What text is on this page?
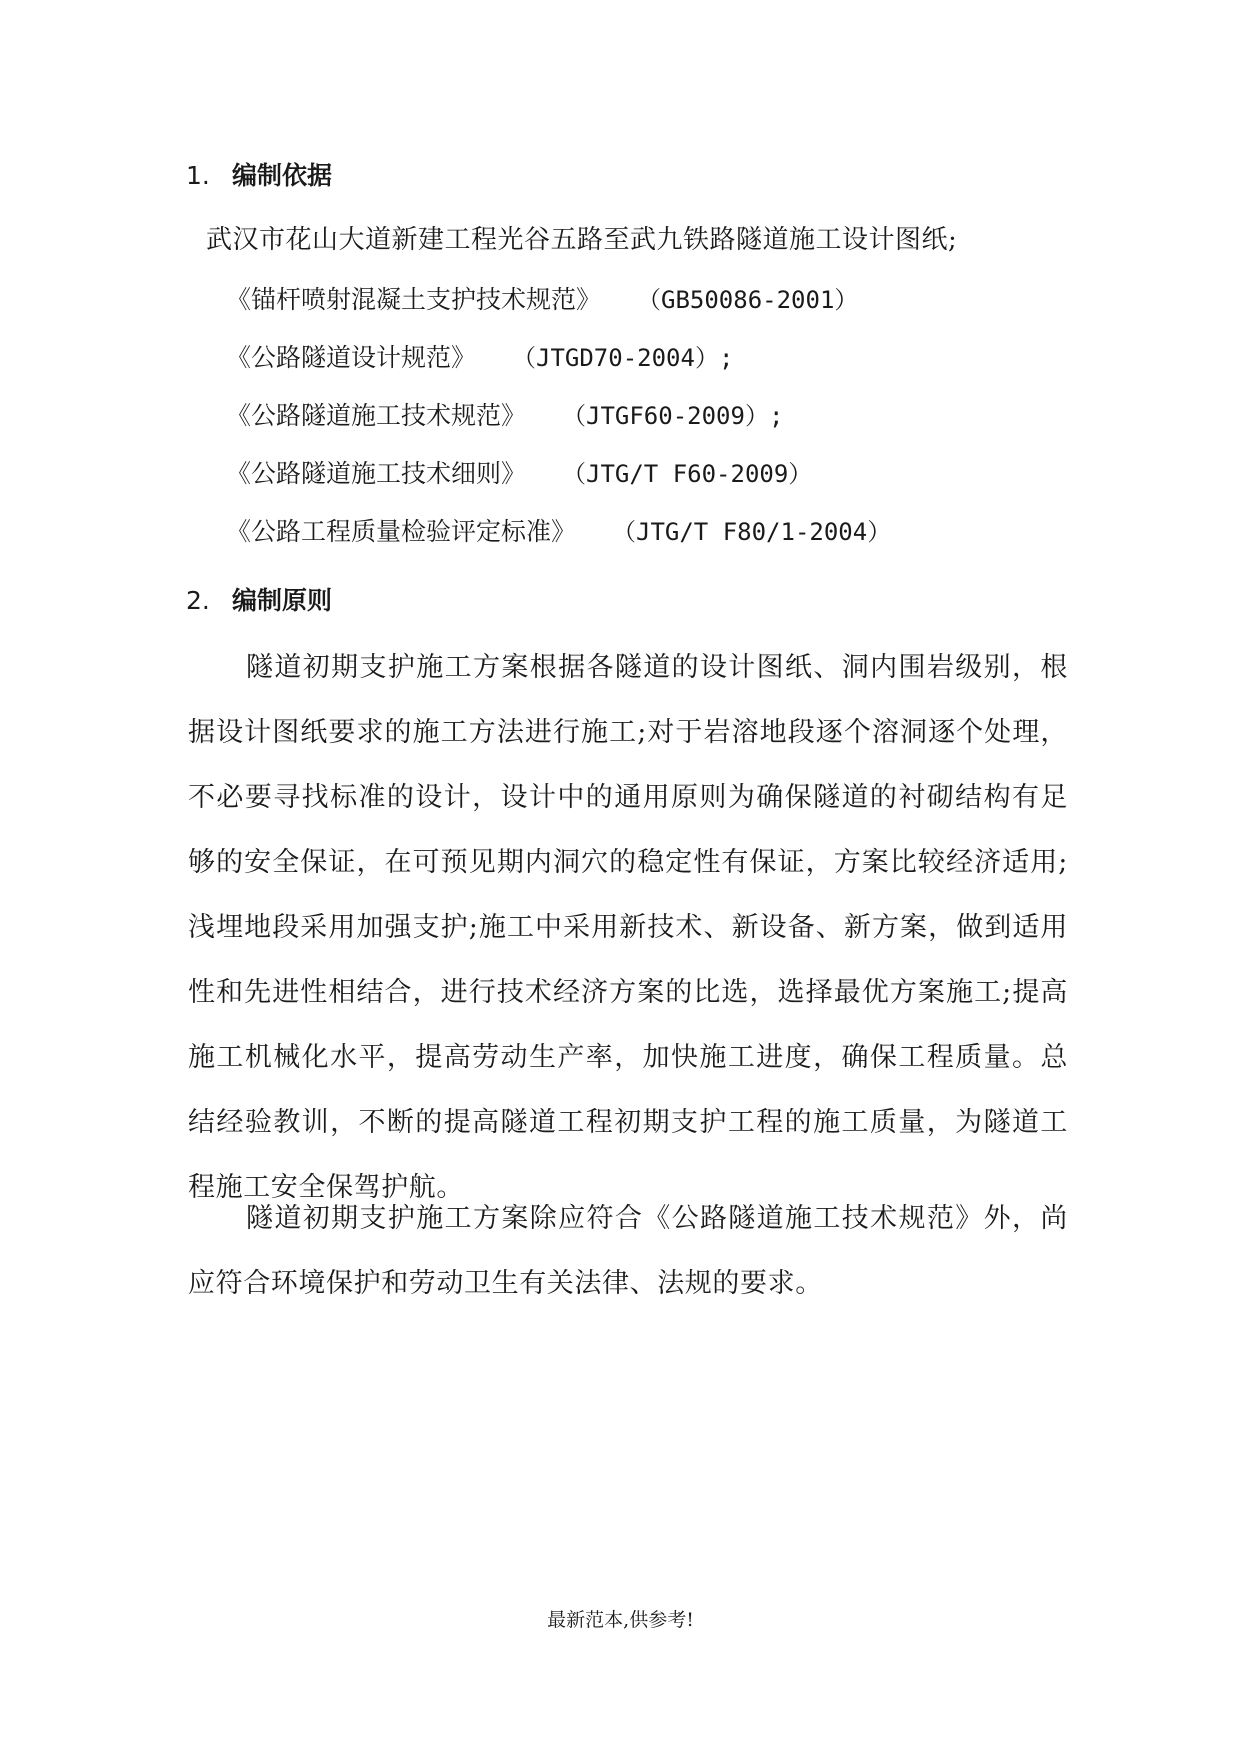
1. 编制依据
武汉市花山大道新建工程光谷五路至武九铁路隧道施工设计图纸;
《锚杆喷射混凝土支护技术规范》 （GB50086-2001）
《公路隧道设计规范》 （JTGD70-2004）;
《公路隧道施工技术规范》 （JTGF60-2009）;
《公路隧道施工技术细则》 （JTG/T F60-2009）
《公路工程质量检验评定标准》 （JTG/T F80/1-2004）
2. 编制原则
隧道初期支护施工方案根据各隧道的设计图纸、洞内围岩级别，根据设计图纸要求的施工方法进行施工;对于岩溶地段逐个溶洞逐个处理，不必要寻找标准的设计，设计中的通用原则为确保隧道的衬砌结构有足够的安全保证，在可预见期内洞穴的稳定性有保证，方案比较经济适用;浅埋地段采用加强支护;施工中采用新技术、新设备、新方案，做到适用性和先进性相结合，进行技术经济方案的比选，选择最优方案施工;提高施工机械化水平，提高劳动生产率，加快施工进度，确保工程质量。总结经验教训，不断的提高隧道工程初期支护工程的施工质量，为隧道工程施工安全保驾护航。
隧道初期支护施工方案除应符合《公路隧道施工技术规范》外，尚应符合环境保护和劳动卫生有关法律、法规的要求。
最新范本,供参考!
